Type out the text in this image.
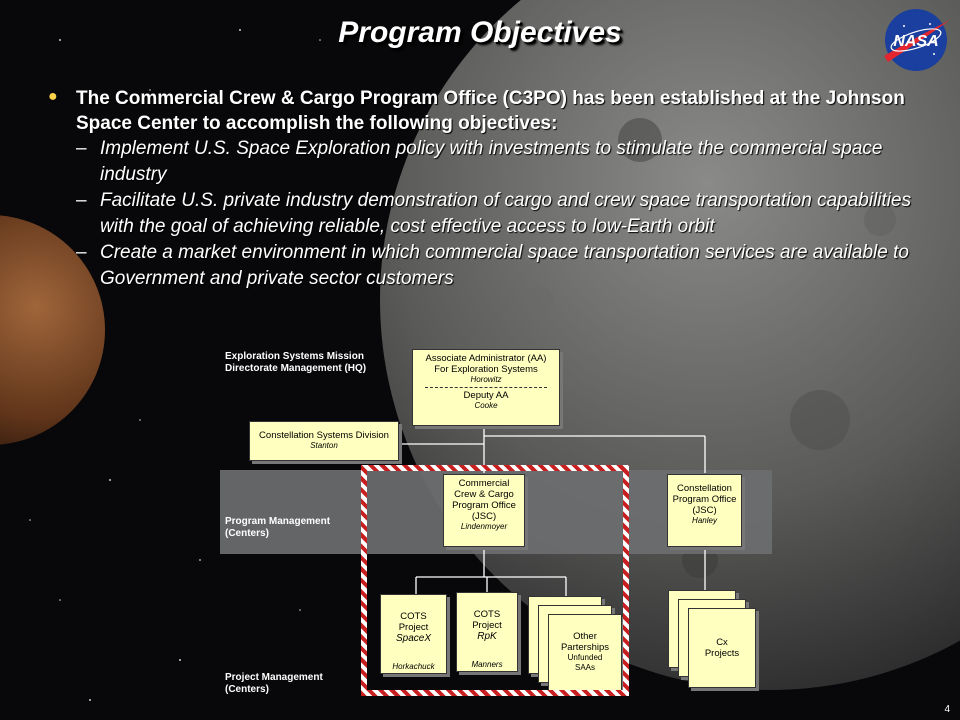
Program Objectives	NASA
● The Commercial Crew & Cargo Program Office (C3PO) has been established at the Johnson Space Center to accomplish the following objectives:
– Implement U.S. Space Exploration policy with investments to stimulate the commercial space industry
– Facilitate U.S. private industry demonstration of cargo and crew space transportation capabilities with the goal of achieving reliable, cost effective access to low-Earth orbit
– Create a market environment in which commercial space transportation services are available to Government and private sector customers
Exploration Systems Mission Directorate Management (HQ)
Program Management (Centers)
Project Management (Centers)
Associate Administrator (AA) For Exploration Systems
Horowitz
Deputy AA
Cooke
Constellation Systems Division
Stanton
Commercial Crew & Cargo Program Office (JSC)
Lindenmoyer
Constellation Program Office (JSC)
Hanley
COTS Project
SpaceX
Horkachuck
COTS Project
RpK
Manners
Other Parterships
Unfunded
SAAs
Cx Projects
4
